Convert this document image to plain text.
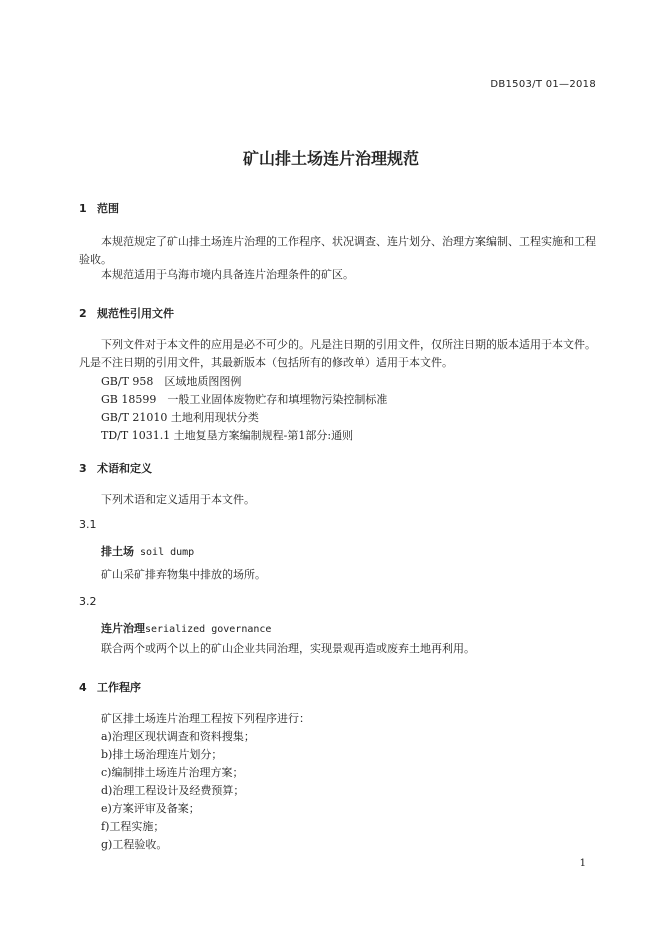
DB1503/T 01—2018
矿山排土场连片治理规范
1 范围
本规范规定了矿山排土场连片治理的工作程序、状况调查、连片划分、治理方案编制、工程实施和工程验收。
本规范适用于乌海市境内具备连片治理条件的矿区。
2 规范性引用文件
下列文件对于本文件的应用是必不可少的。凡是注日期的引用文件，仅所注日期的版本适用于本文件。凡是不注日期的引用文件，其最新版本（包括所有的修改单）适用于本文件。
GB/T 958　区域地质图图例
GB 18599　一般工业固体废物贮存和填埋物污染控制标准
GB/T 21010 土地利用现状分类
TD/T 1031.1 土地复垦方案编制规程-第1部分:通则
3 术语和定义
下列术语和定义适用于本文件。
3.1
排土场 soil dump
矿山采矿排弃物集中排放的场所。
3.2
连片治理serialized governance
联合两个或两个以上的矿山企业共同治理，实现景观再造或废弃土地再利用。
4 工作程序
矿区排土场连片治理工程按下列程序进行：
a)治理区现状调查和资料搜集；
b)排土场治理连片划分；
c)编制排土场连片治理方案；
d)治理工程设计及经费预算；
e)方案评审及备案；
f)工程实施；
g)工程验收。
1
